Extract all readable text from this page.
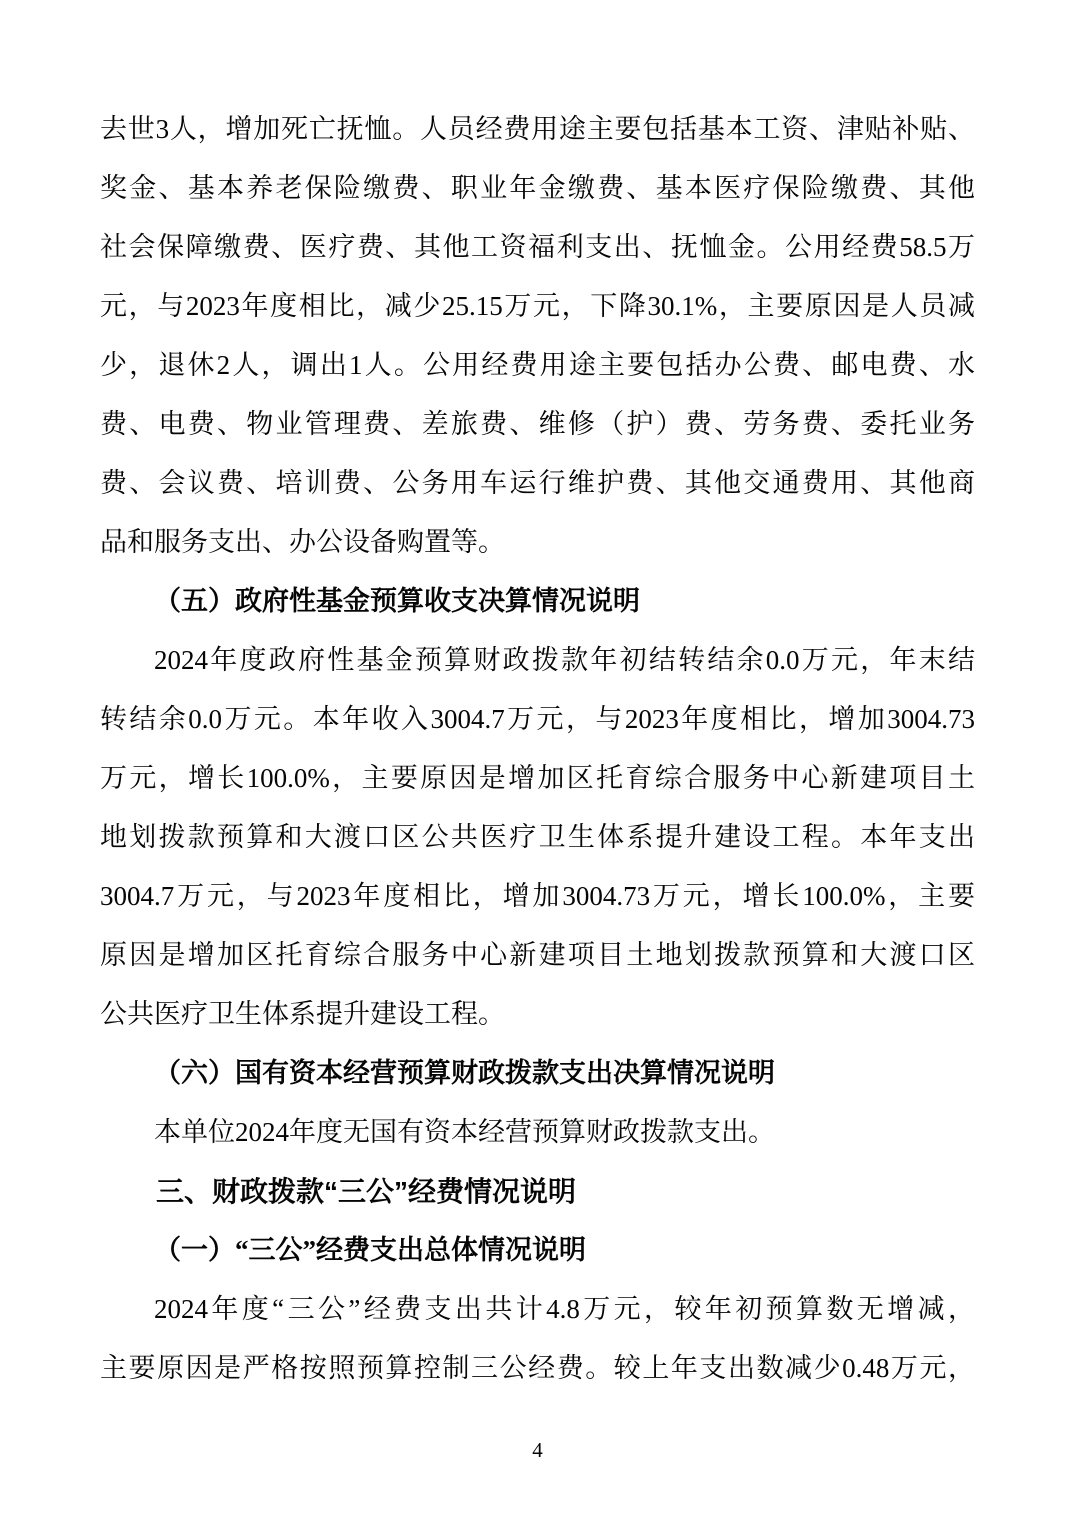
去世3人，增加死亡抚恤。人员经费用途主要包括基本工资、津贴补贴、
奖金、基本养老保险缴费、职业年金缴费、基本医疗保险缴费、其他
社会保障缴费、医疗费、其他工资福利支出、抚恤金。公用经费58.5万
元，与2023年度相比，减少25.15万元，下降30.1%，主要原因是人员减
少，退休2人，调出1人。公用经费用途主要包括办公费、邮电费、水
费、电费、物业管理费、差旅费、维修（护）费、劳务费、委托业务
费、会议费、培训费、公务用车运行维护费、其他交通费用、其他商
品和服务支出、办公设备购置等。
（五）政府性基金预算收支决算情况说明
2024年度政府性基金预算财政拨款年初结转结余0.0万元，年末结
转结余0.0万元。本年收入3004.7万元，与2023年度相比，增加3004.73
万元，增长100.0%，主要原因是增加区托育综合服务中心新建项目土
地划拨款预算和大渡口区公共医疗卫生体系提升建设工程。本年支出
3004.7万元，与2023年度相比，增加3004.73万元，增长100.0%，主要
原因是增加区托育综合服务中心新建项目土地划拨款预算和大渡口区
公共医疗卫生体系提升建设工程。
（六）国有资本经营预算财政拨款支出决算情况说明
本单位2024年度无国有资本经营预算财政拨款支出。
三、财政拨款“三公”经费情况说明
（一）“三公”经费支出总体情况说明
2024年度“三公”经费支出共计4.8万元，较年初预算数无增减，
主要原因是严格按照预算控制三公经费。较上年支出数减少0.48万元，
4
